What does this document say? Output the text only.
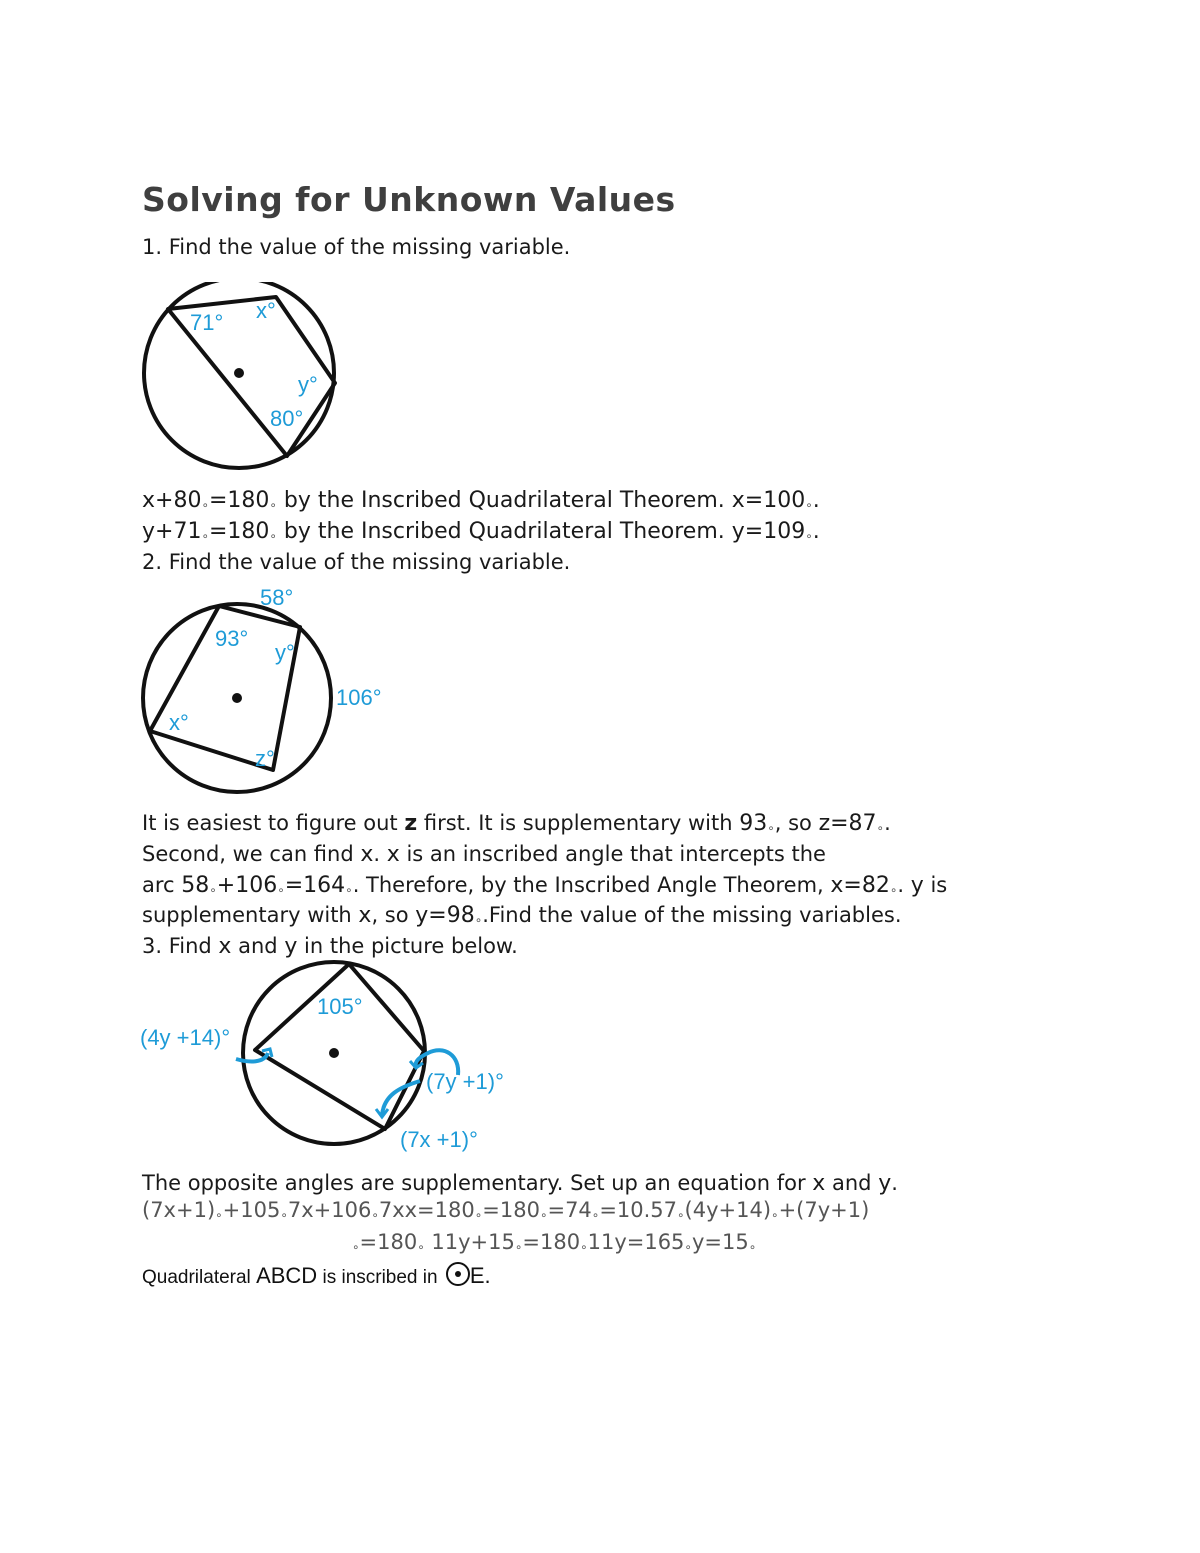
Solving for Unknown Values
1. Find the value of the missing variable.
71° x°
y°
80°
x+80∘=180∘ by the Inscribed Quadrilateral Theorem. x=100∘.
y+71∘=180∘ by the Inscribed Quadrilateral Theorem. y=109∘.
2. Find the value of the missing variable.
58°
93°
y°
106°
x°
z°
It is easiest to figure out z first. It is supplementary with 93∘, so z=87∘.
Second, we can find x. x is an inscribed angle that intercepts the
arc 58∘+106∘=164∘. Therefore, by the Inscribed Angle Theorem, x=82∘. y is
supplementary with x, so y=98∘.Find the value of the missing variables.
3. Find x and y in the picture below.
105°
(4y +14)°
(7y +1)°
(7x +1)°
The opposite angles are supplementary. Set up an equation for x and y.
(7x+1)∘+105∘7x+106∘7xx=180∘=180∘=74∘=10.57∘(4y+14)∘+(7y+1)
∘=180∘ 11y+15∘=180∘11y=165∘y=15∘
Quadrilateral ABCD is inscribed in E.
